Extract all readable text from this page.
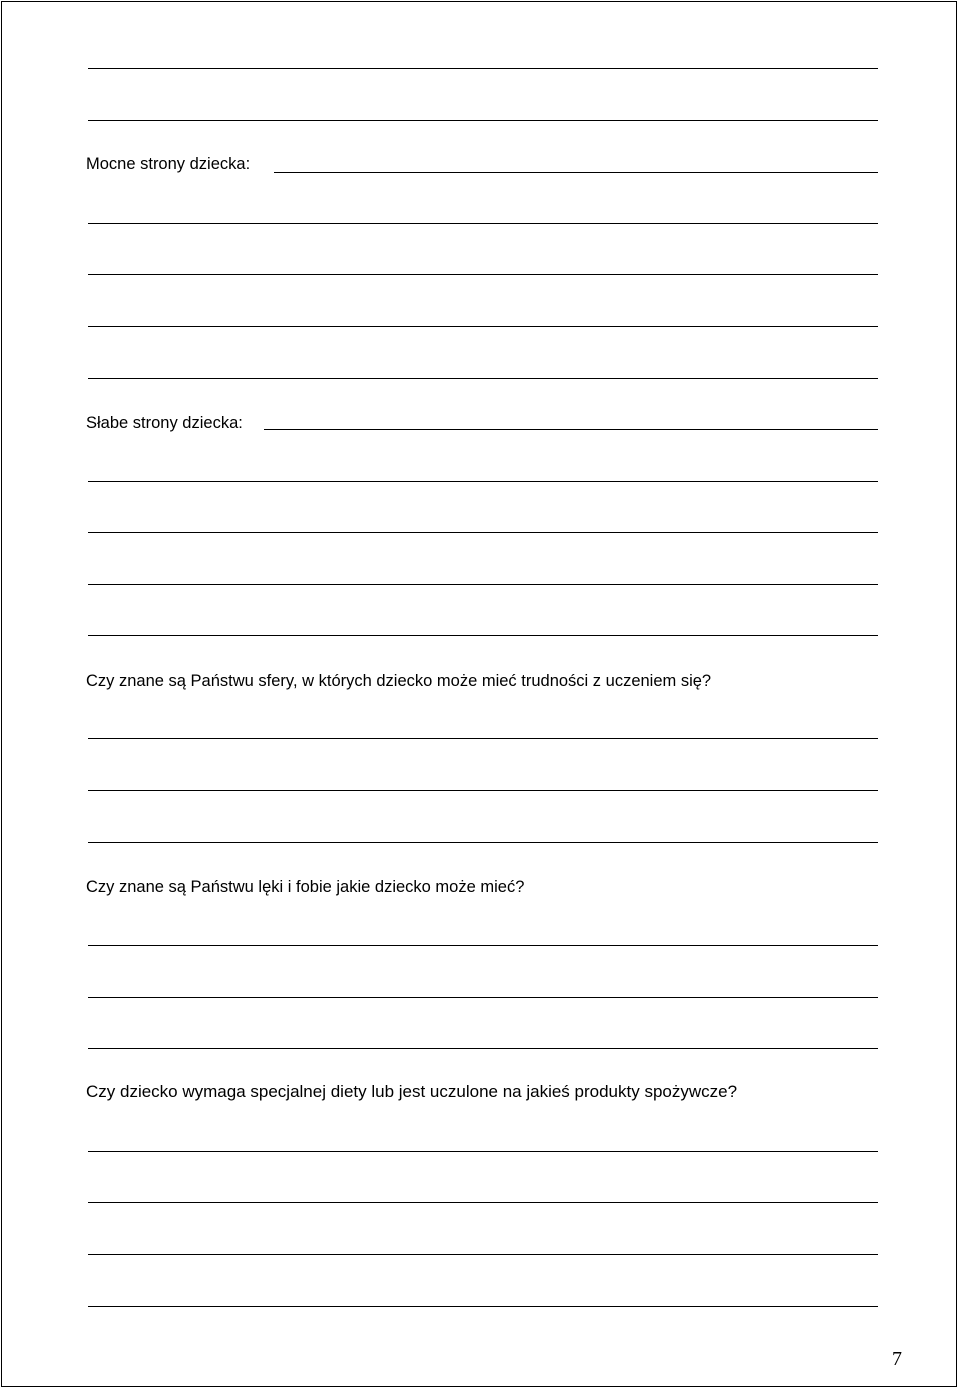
Mocne strony dziecka:
Słabe strony dziecka:
Czy znane są Państwu sfery, w których dziecko może mieć trudności z uczeniem się?
Czy znane są Państwu lęki i fobie jakie dziecko może mieć?
Czy dziecko wymaga specjalnej diety lub jest uczulone na jakieś produkty spożywcze?
7
